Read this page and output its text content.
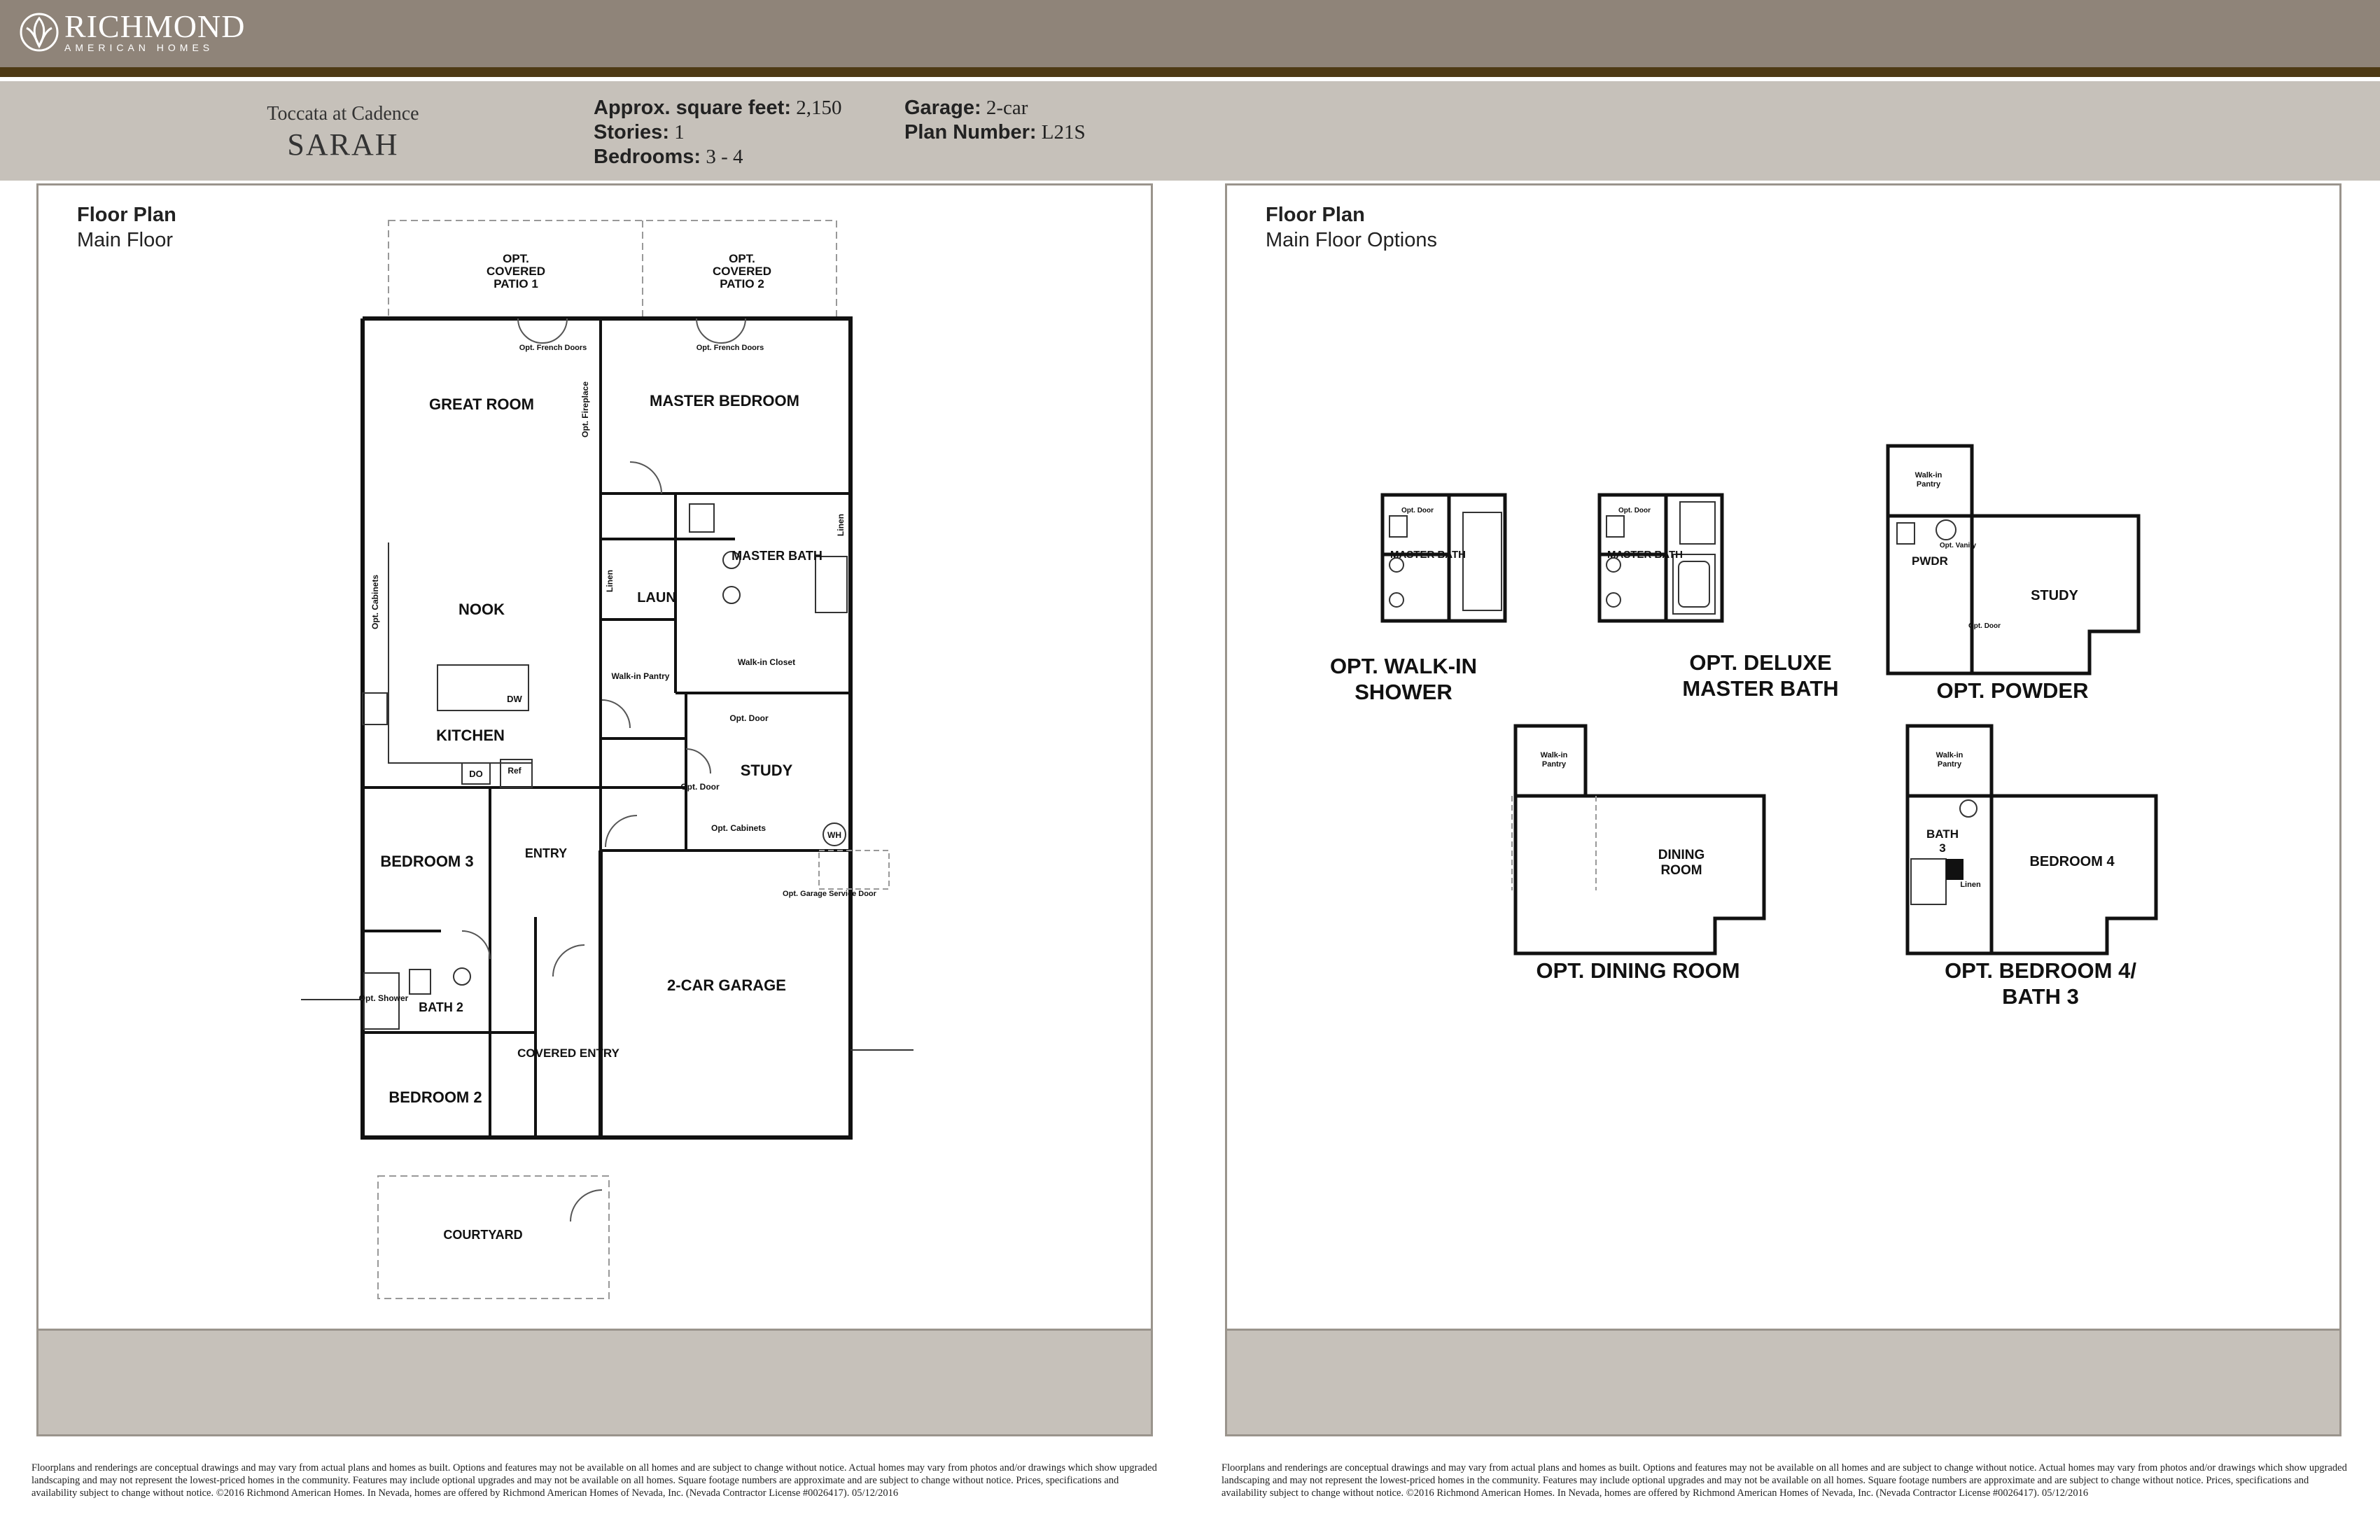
RICHMOND
AMERICAN HOMES
Toccata at Cadence
SARAH
Approx. square feet: 2,150
Stories: 1
Bedrooms: 3 - 4
Garage: 2-car
Plan Number: L21S
Floor Plan
Main Floor
OPT. COVERED PATIO 1
OPT. COVERED PATIO 2
GREAT ROOM	MASTER BEDROOM
NOOK
LAUN
MASTER BATH
Walk-in Closet
Walk-in Pantry
KITCHEN
DW
DO	Ref	STUDY
Opt. Door
Opt. Cabinets
WH
Opt. Door
BEDROOM 3	ENTRY
2-CAR GARAGE
BATH 2
Opt. Shower
COVERED ENTRY
BEDROOM 2
COURTYARD
Opt. Garage Service Door
Opt. French Doors	Opt. French Doors
Opt. Fireplace
Opt. Cabinets	Linen
Linen
Floor Plan
Main Floor Options
MASTER BATH
Opt. Door
OPT. WALK-IN SHOWER
MASTER BATH
Opt. Door
OPT. DELUXE MASTER BATH
Walk-in Pantry
PWDR
STUDY
Opt. Vanity
Opt. Door
OPT. POWDER
Walk-in Pantry
DINING ROOM
OPT. DINING ROOM
Walk-in Pantry
BATH 3
BEDROOM 4
Linen
OPT. BEDROOM 4/ BATH 3
Floorplans and renderings are conceptual drawings and may vary from actual plans and homes as built. Options and features may not be available on all homes and are subject to change without notice. Actual homes may vary from photos and/or drawings which show upgraded landscaping and may not represent the lowest-priced homes in the community. Features may include optional upgrades and may not be available on all homes. Square footage numbers are approximate and are subject to change without notice. Prices, specifications and availability subject to change without notice. ©2016 Richmond American Homes. In Nevada, homes are offered by Richmond American Homes of Nevada, Inc. (Nevada Contractor License #0026417). 05/12/2016
Floorplans and renderings are conceptual drawings and may vary from actual plans and homes as built. Options and features may not be available on all homes and are subject to change without notice. Actual homes may vary from photos and/or drawings which show upgraded landscaping and may not represent the lowest-priced homes in the community. Features may include optional upgrades and may not be available on all homes. Square footage numbers are approximate and are subject to change without notice. Prices, specifications and availability subject to change without notice. ©2016 Richmond American Homes. In Nevada, homes are offered by Richmond American Homes of Nevada, Inc. (Nevada Contractor License #0026417). 05/12/2016
